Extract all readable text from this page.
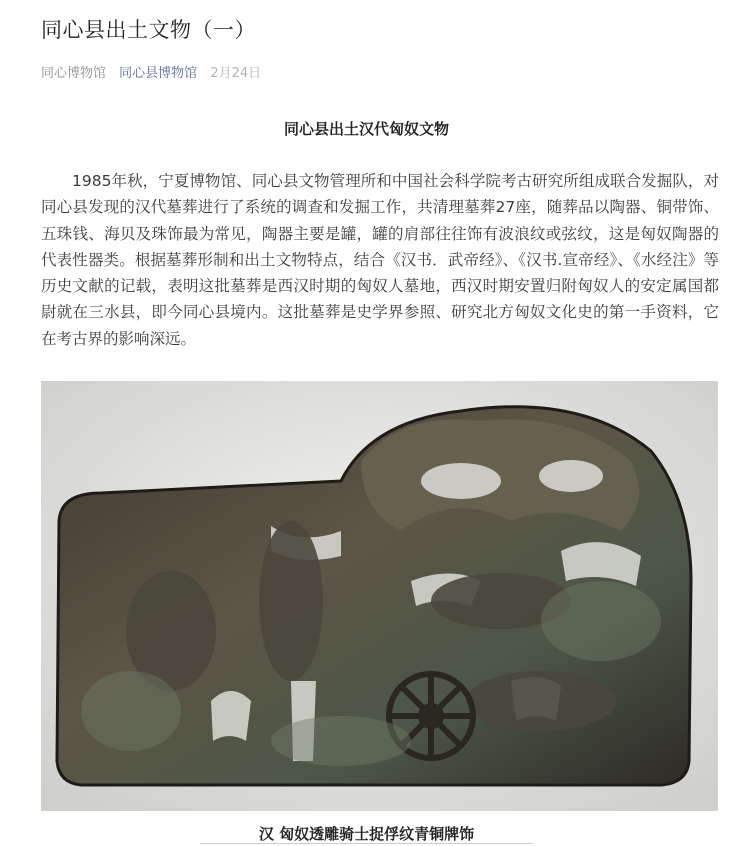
同心县出土文物（一）
同心博物馆 同心县博物馆 2月24日
同心县出土汉代匈奴文物

1985年秋，宁夏博物馆、同心县文物管理所和中国社会科学院考古研究所组成联合发掘队，对同心县发现的汉代墓葬进行了系统的调查和发掘工作，共清理墓葬27座，随葬品以陶器、铜带饰、五珠钱、海贝及珠饰最为常见，陶器主要是罐，罐的肩部往往饰有波浪纹或弦纹，这是匈奴陶器的代表性器类。根据墓葬形制和出土文物特点，结合《汉书．武帝经》、《汉书.宣帝经》、《水经注》等历史文献的记载，表明这批墓葬是西汉时期的匈奴人墓地，西汉时期安置归附匈奴人的安定属国都尉就在三水县，即今同心县境内。这批墓葬是史学界参照、研究北方匈奴文化史的第一手资料，它在考古界的影响深远。

汉 匈奴透雕骑士捉俘纹青铜牌饰
